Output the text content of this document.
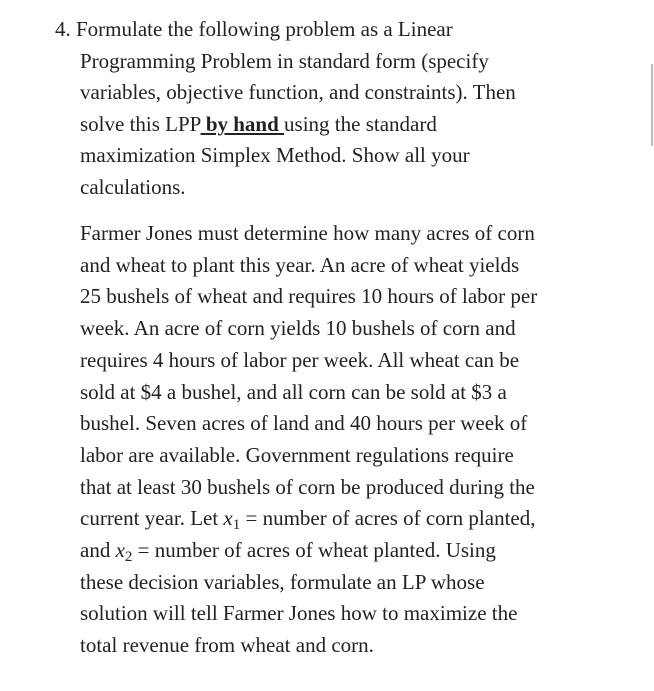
4. Formulate the following problem as a Linear
Programming Problem in standard form (specify
variables, objective function, and constraints). Then
solve this LPP by hand using the standard
maximization Simplex Method. Show all your
calculations.

Farmer Jones must determine how many acres of corn
and wheat to plant this year. An acre of wheat yields
25 bushels of wheat and requires 10 hours of labor per
week. An acre of corn yields 10 bushels of corn and
requires 4 hours of labor per week. All wheat can be
sold at $4 a bushel, and all corn can be sold at $3 a
bushel. Seven acres of land and 40 hours per week of
labor are available. Government regulations require
that at least 30 bushels of corn be produced during the
current year. Let $x_1$ = number of acres of corn planted,
and $x_2$ = number of acres of wheat planted. Using
these decision variables, formulate an LP whose
solution will tell Farmer Jones how to maximize the
total revenue from wheat and corn.
